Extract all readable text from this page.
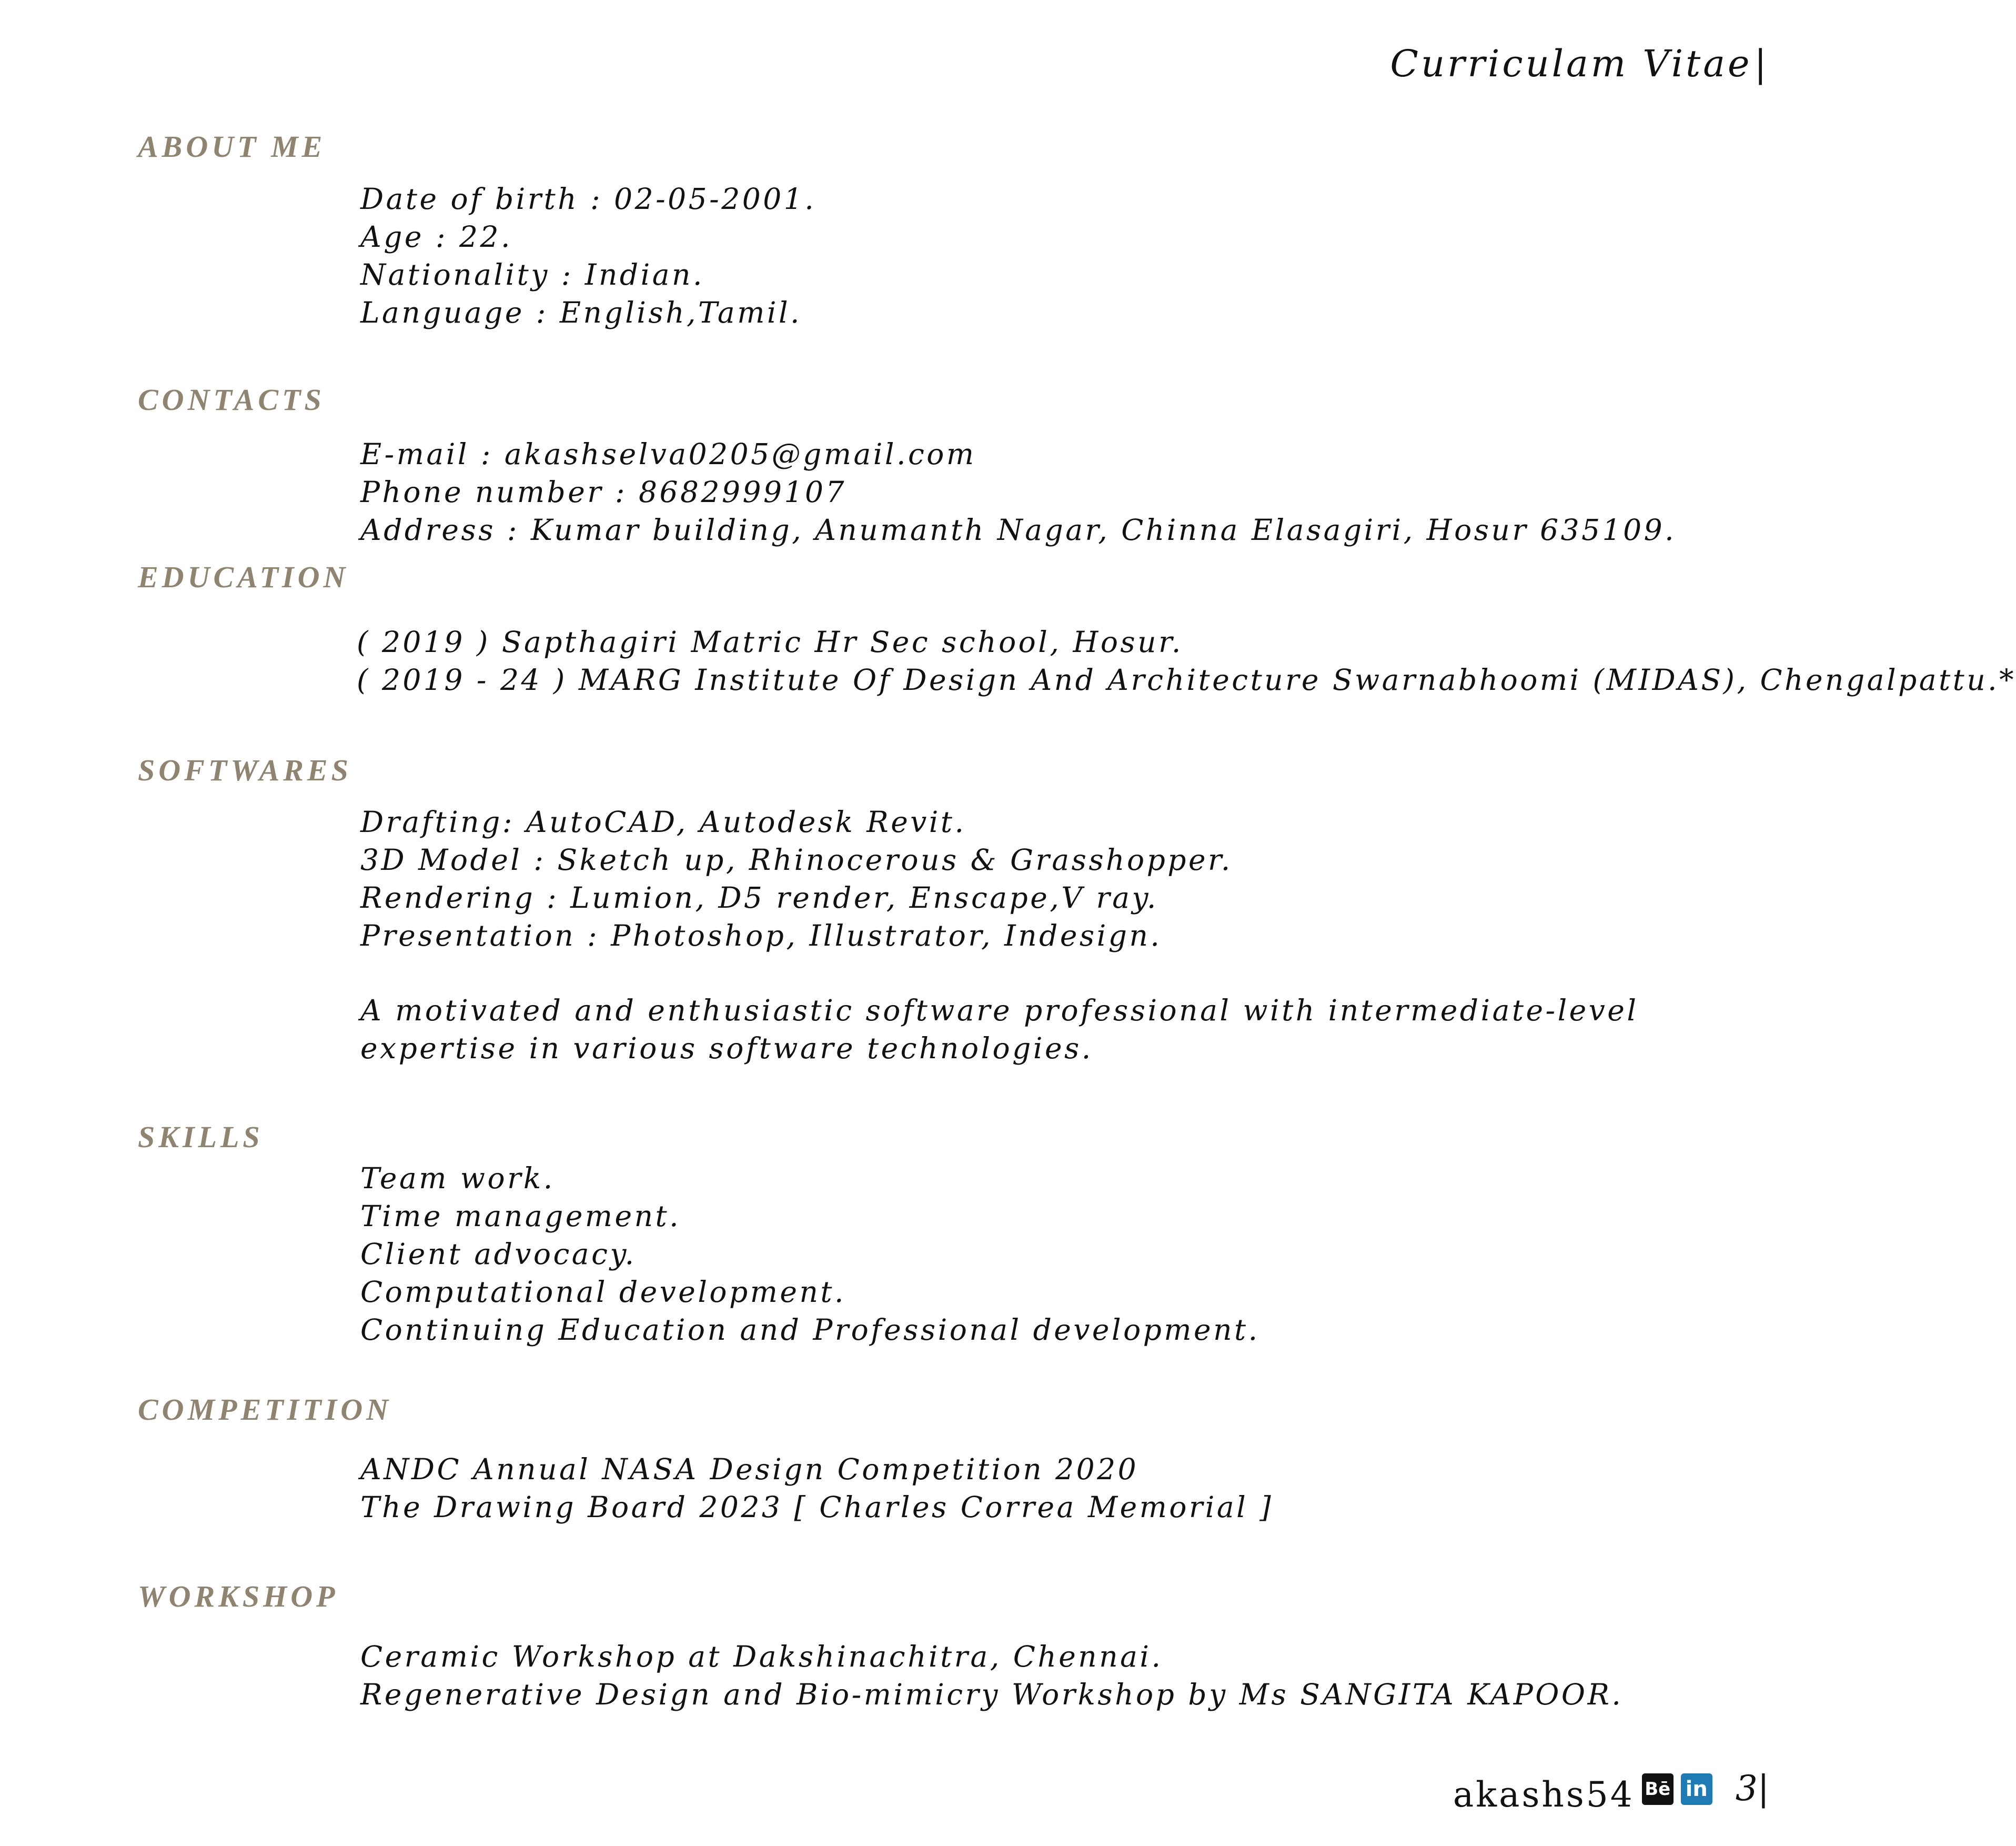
Curriculam Vitae|
ABOUT ME
Date of birth : 02-05-2001.
Age : 22.
Nationality : Indian.
Language : English,Tamil.
CONTACTS
E-mail : akashselva0205@gmail.com
Phone number : 8682999107
Address : Kumar building, Anumanth Nagar, Chinna Elasagiri, Hosur 635109.
EDUCATION
( 2019 ) Sapthagiri Matric Hr Sec school, Hosur.
( 2019 - 24 ) MARG Institute Of Design And Architecture Swarnabhoomi (MIDAS), Chengalpattu.*
SOFTWARES
Drafting: AutoCAD, Autodesk Revit.
3D Model : Sketch up, Rhinocerous & Grasshopper.
Rendering : Lumion, D5 render, Enscape,V ray.
Presentation : Photoshop, Illustrator, Indesign.
A motivated and enthusiastic software professional with intermediate-level expertise in various software technologies.
SKILLS
Team work.
Time management.
Client advocacy.
Computational development.
Continuing Education and Professional development.
COMPETITION
ANDC Annual NASA Design Competition 2020
The Drawing Board 2023 [ Charles Correa Memorial ]
WORKSHOP
Ceramic Workshop at Dakshinachitra, Chennai.
Regenerative Design and Bio-mimicry Workshop by Ms SANGITA KAPOOR.
akashs54 Bē in 3|
